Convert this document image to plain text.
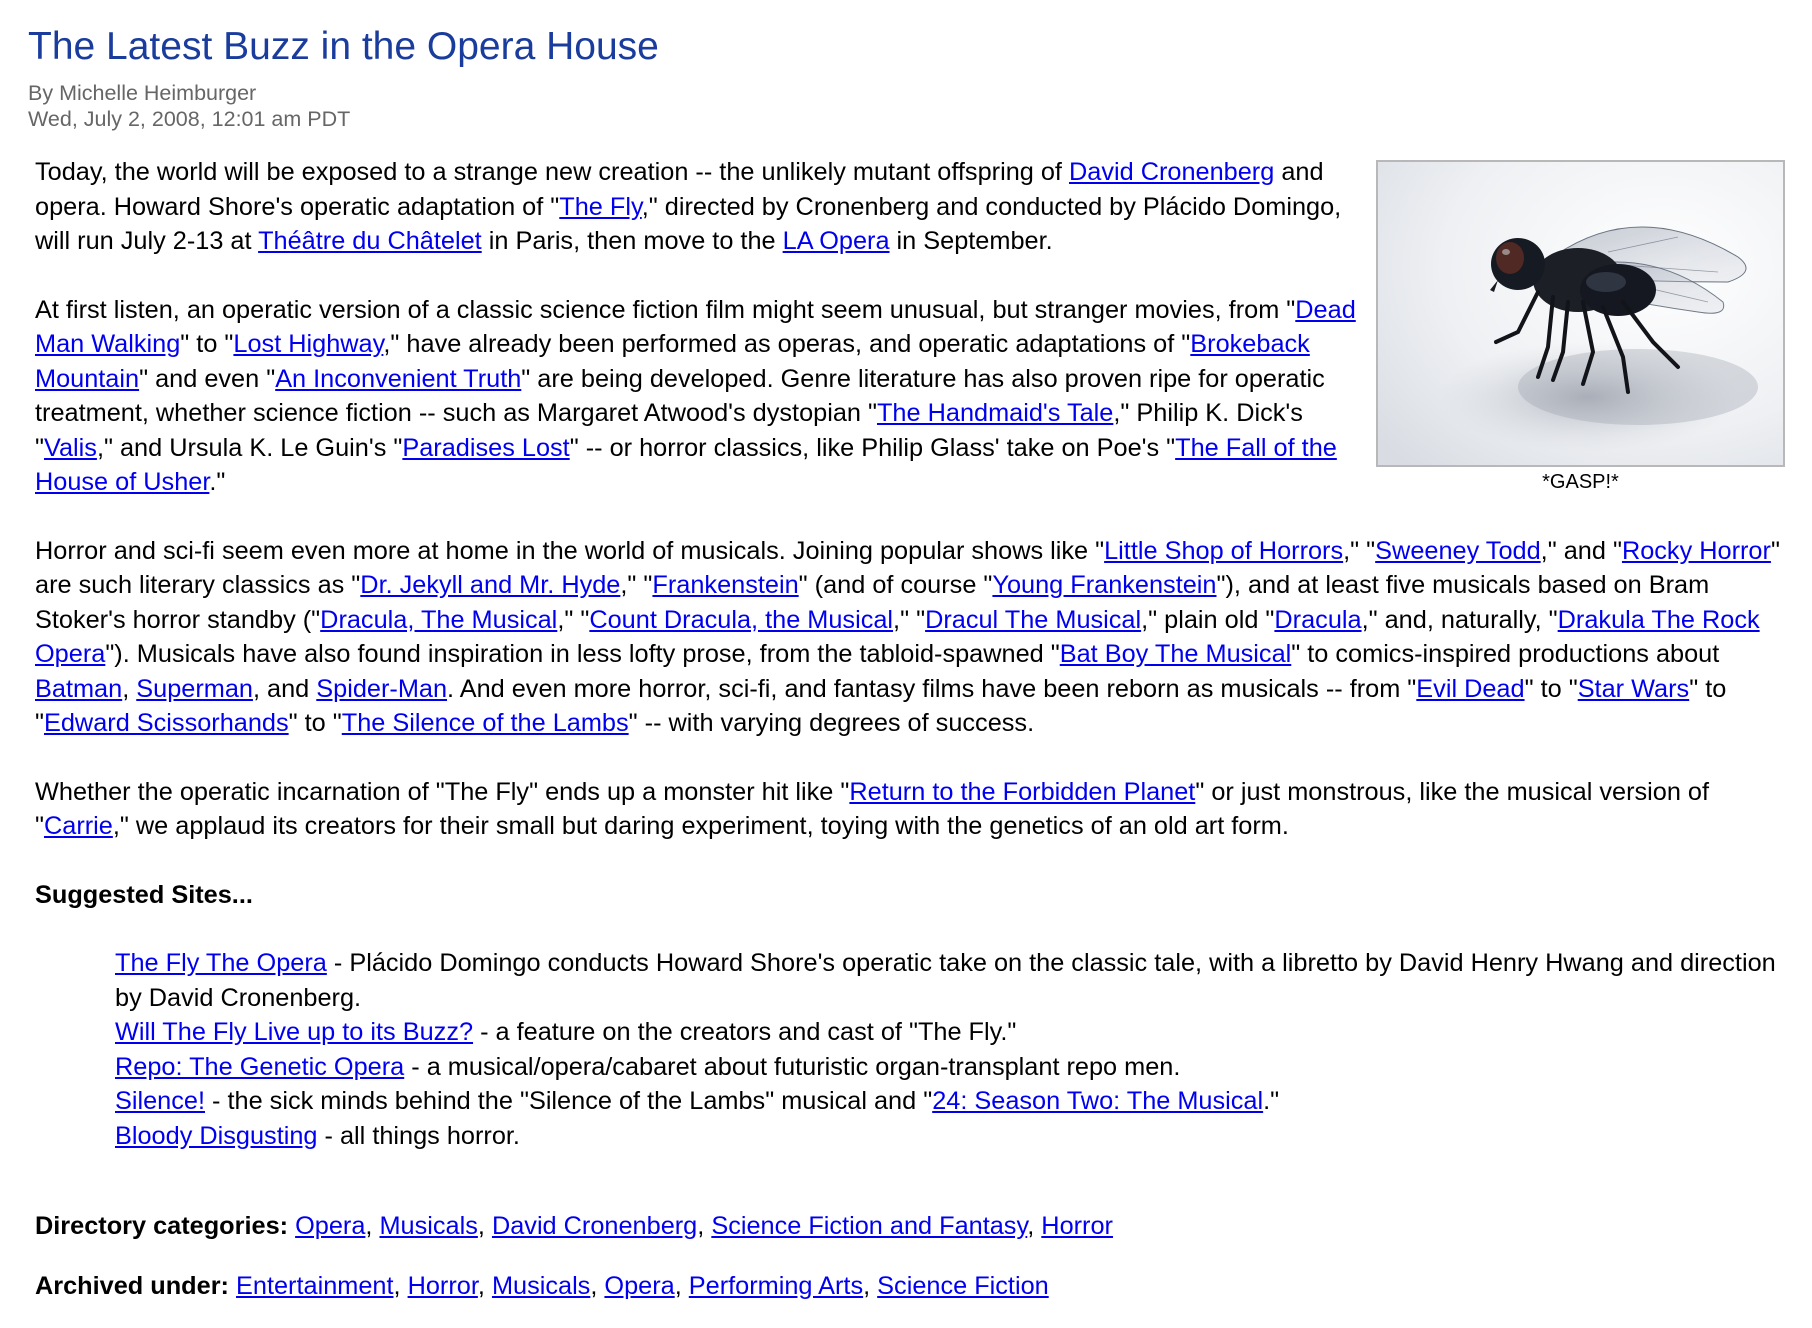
The Latest Buzz in the Opera House
By Michelle Heimburger
Wed, July 2, 2008, 12:01 am PDT
*GASP!*

Today, the world will be exposed to a strange new creation -- the unlikely mutant offspring of David Cronenberg and opera. Howard Shore's operatic adaptation of "The Fly," directed by Cronenberg and conducted by Plácido Domingo, will run July 2-13 at Théâtre du Châtelet in Paris, then move to the LA Opera in September.

At first listen, an operatic version of a classic science fiction film might seem unusual, but stranger movies, from "Dead Man Walking" to "Lost Highway," have already been performed as operas, and operatic adaptations of "Brokeback Mountain" and even "An Inconvenient Truth" are being developed. Genre literature has also proven ripe for operatic treatment, whether science fiction -- such as Margaret Atwood's dystopian "The Handmaid's Tale," Philip K. Dick's "Valis," and Ursula K. Le Guin's "Paradises Lost" -- or horror classics, like Philip Glass' take on Poe's "The Fall of the House of Usher."

Horror and sci-fi seem even more at home in the world of musicals. Joining popular shows like "Little Shop of Horrors," "Sweeney Todd," and "Rocky Horror" are such literary classics as "Dr. Jekyll and Mr. Hyde," "Frankenstein" (and of course "Young Frankenstein"), and at least five musicals based on Bram Stoker's horror standby ("Dracula, The Musical," "Count Dracula, the Musical," "Dracul The Musical," plain old "Dracula," and, naturally, "Drakula The Rock Opera"). Musicals have also found inspiration in less lofty prose, from the tabloid-spawned "Bat Boy The Musical" to comics-inspired productions about Batman, Superman, and Spider-Man. And even more horror, sci-fi, and fantasy films have been reborn as musicals -- from "Evil Dead" to "Star Wars" to "Edward Scissorhands" to "The Silence of the Lambs" -- with varying degrees of success.

Whether the operatic incarnation of "The Fly" ends up a monster hit like "Return to the Forbidden Planet" or just monstrous, like the musical version of "Carrie," we applaud its creators for their small but daring experiment, toying with the genetics of an old art form.

Suggested Sites...
The Fly The Opera - Plácido Domingo conducts Howard Shore's operatic take on the classic tale, with a libretto by David Henry Hwang and direction by David Cronenberg.
Will The Fly Live up to its Buzz? - a feature on the creators and cast of "The Fly."
Repo: The Genetic Opera - a musical/opera/cabaret about futuristic organ-transplant repo men.
Silence! - the sick minds behind the "Silence of the Lambs" musical and "24: Season Two: The Musical."
Bloody Disgusting - all things horror.
Directory categories: Opera, Musicals, David Cronenberg, Science Fiction and Fantasy, Horror
Archived under: Entertainment, Horror, Musicals, Opera, Performing Arts, Science Fiction
